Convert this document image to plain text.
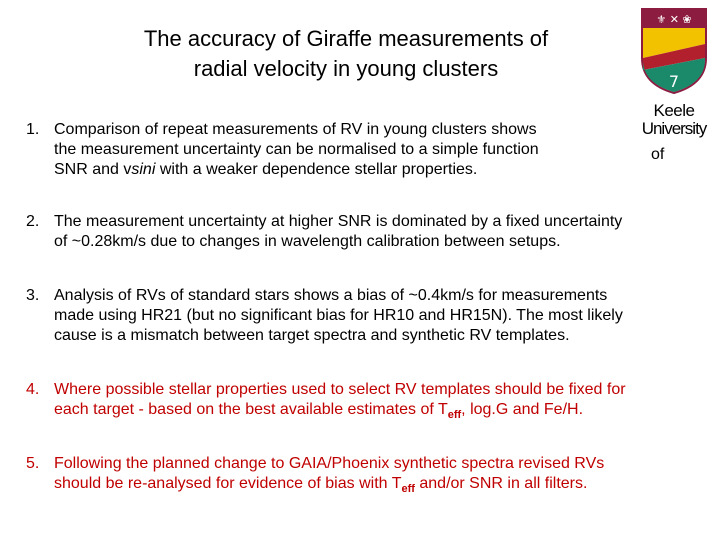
The accuracy of Giraffe measurements of
radial velocity in young clusters
⚜ ✕ ❀
7
Keele
University
1. Comparison of repeat measurements of RV in young clusters shows
the measurement uncertainty can be normalised to a simple function
SNR and vsini with a weaker dependence stellar properties.
of
2. The measurement uncertainty at higher SNR is dominated by a fixed uncertainty
of ~0.28km/s due to changes in wavelength calibration between setups.
3. Analysis of RVs of standard stars shows a bias of ~0.4km/s for measurements
made using HR21 (but no significant bias for HR10 and HR15N). The most likely
cause is a mismatch between target spectra and synthetic RV templates.
4. Where possible stellar properties used to select RV templates should be fixed for
each target - based on the best available estimates of $T_{eff}$, log.G and Fe/H.
5. Following the planned change to GAIA/Phoenix synthetic spectra revised RVs
should be re-analysed for evidence of bias with $T_{eff}$ and/or SNR in all filters.
